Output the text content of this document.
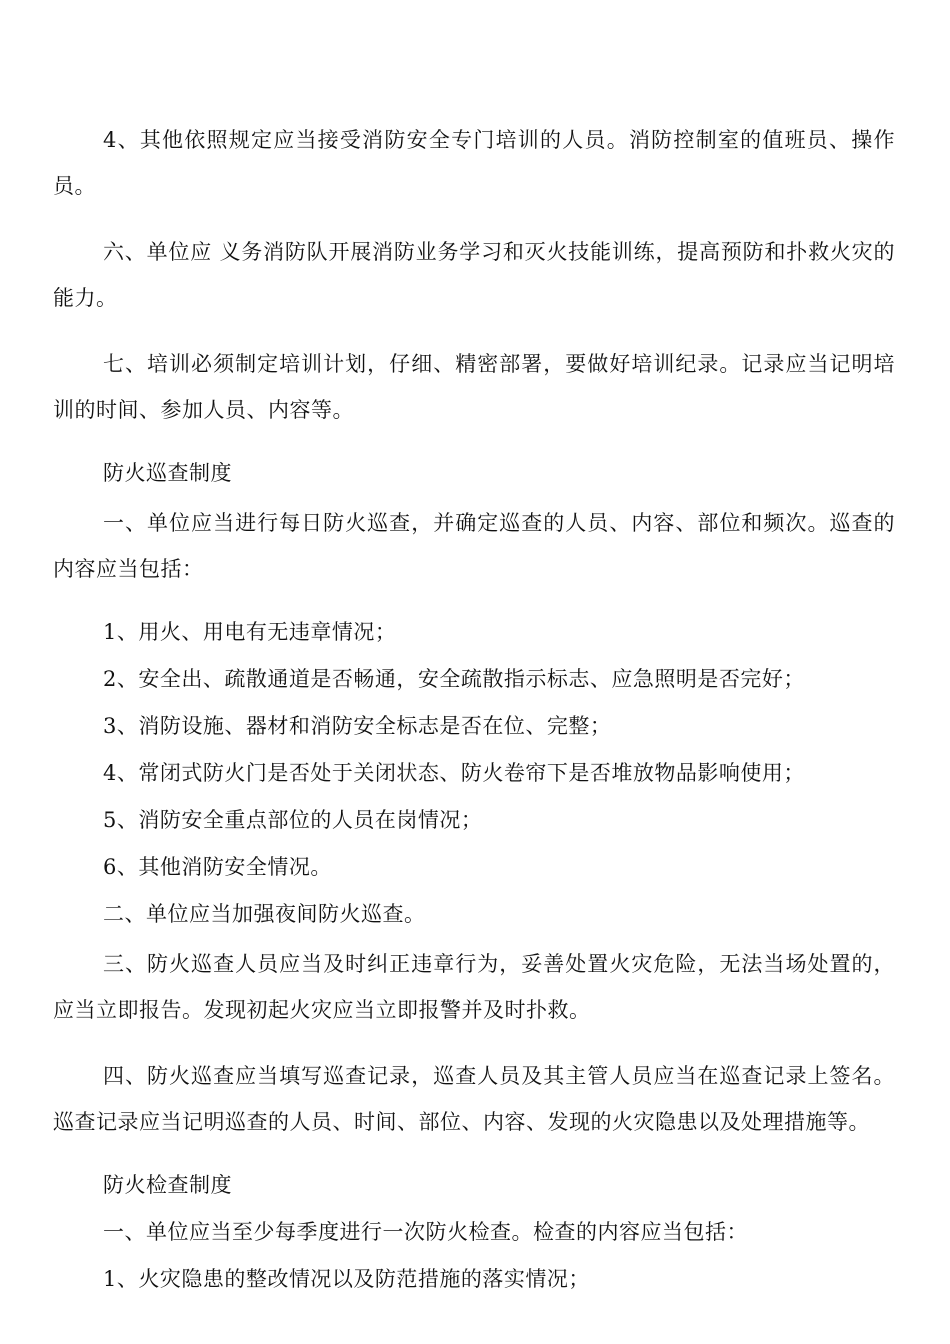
4、其他依照规定应当接受消防安全专门培训的人员。消防控制室的值班员、操作员。

六、单位应 义务消防队开展消防业务学习和灭火技能训练，提高预防和扑救火灾的能力。

七、培训必须制定培训计划，仔细、精密部署，要做好培训纪录。记录应当记明培训的时间、参加人员、内容等。

防火巡查制度

一、单位应当进行每日防火巡查，并确定巡查的人员、内容、部位和频次。巡查的内容应当包括：

1、用火、用电有无违章情况；

2、安全出、疏散通道是否畅通，安全疏散指示标志、应急照明是否完好；

3、消防设施、器材和消防安全标志是否在位、完整；

4、常闭式防火门是否处于关闭状态、防火卷帘下是否堆放物品影响使用；

5、消防安全重点部位的人员在岗情况；

6、其他消防安全情况。

二、单位应当加强夜间防火巡查。

三、防火巡查人员应当及时纠正违章行为，妥善处置火灾危险，无法当场处置的，应当立即报告。发现初起火灾应当立即报警并及时扑救。

四、防火巡查应当填写巡查记录，巡查人员及其主管人员应当在巡查记录上签名。巡查记录应当记明巡查的人员、时间、部位、内容、发现的火灾隐患以及处理措施等。

防火检查制度

一、单位应当至少每季度进行一次防火检查。检查的内容应当包括：

1、火灾隐患的整改情况以及防范措施的落实情况；
